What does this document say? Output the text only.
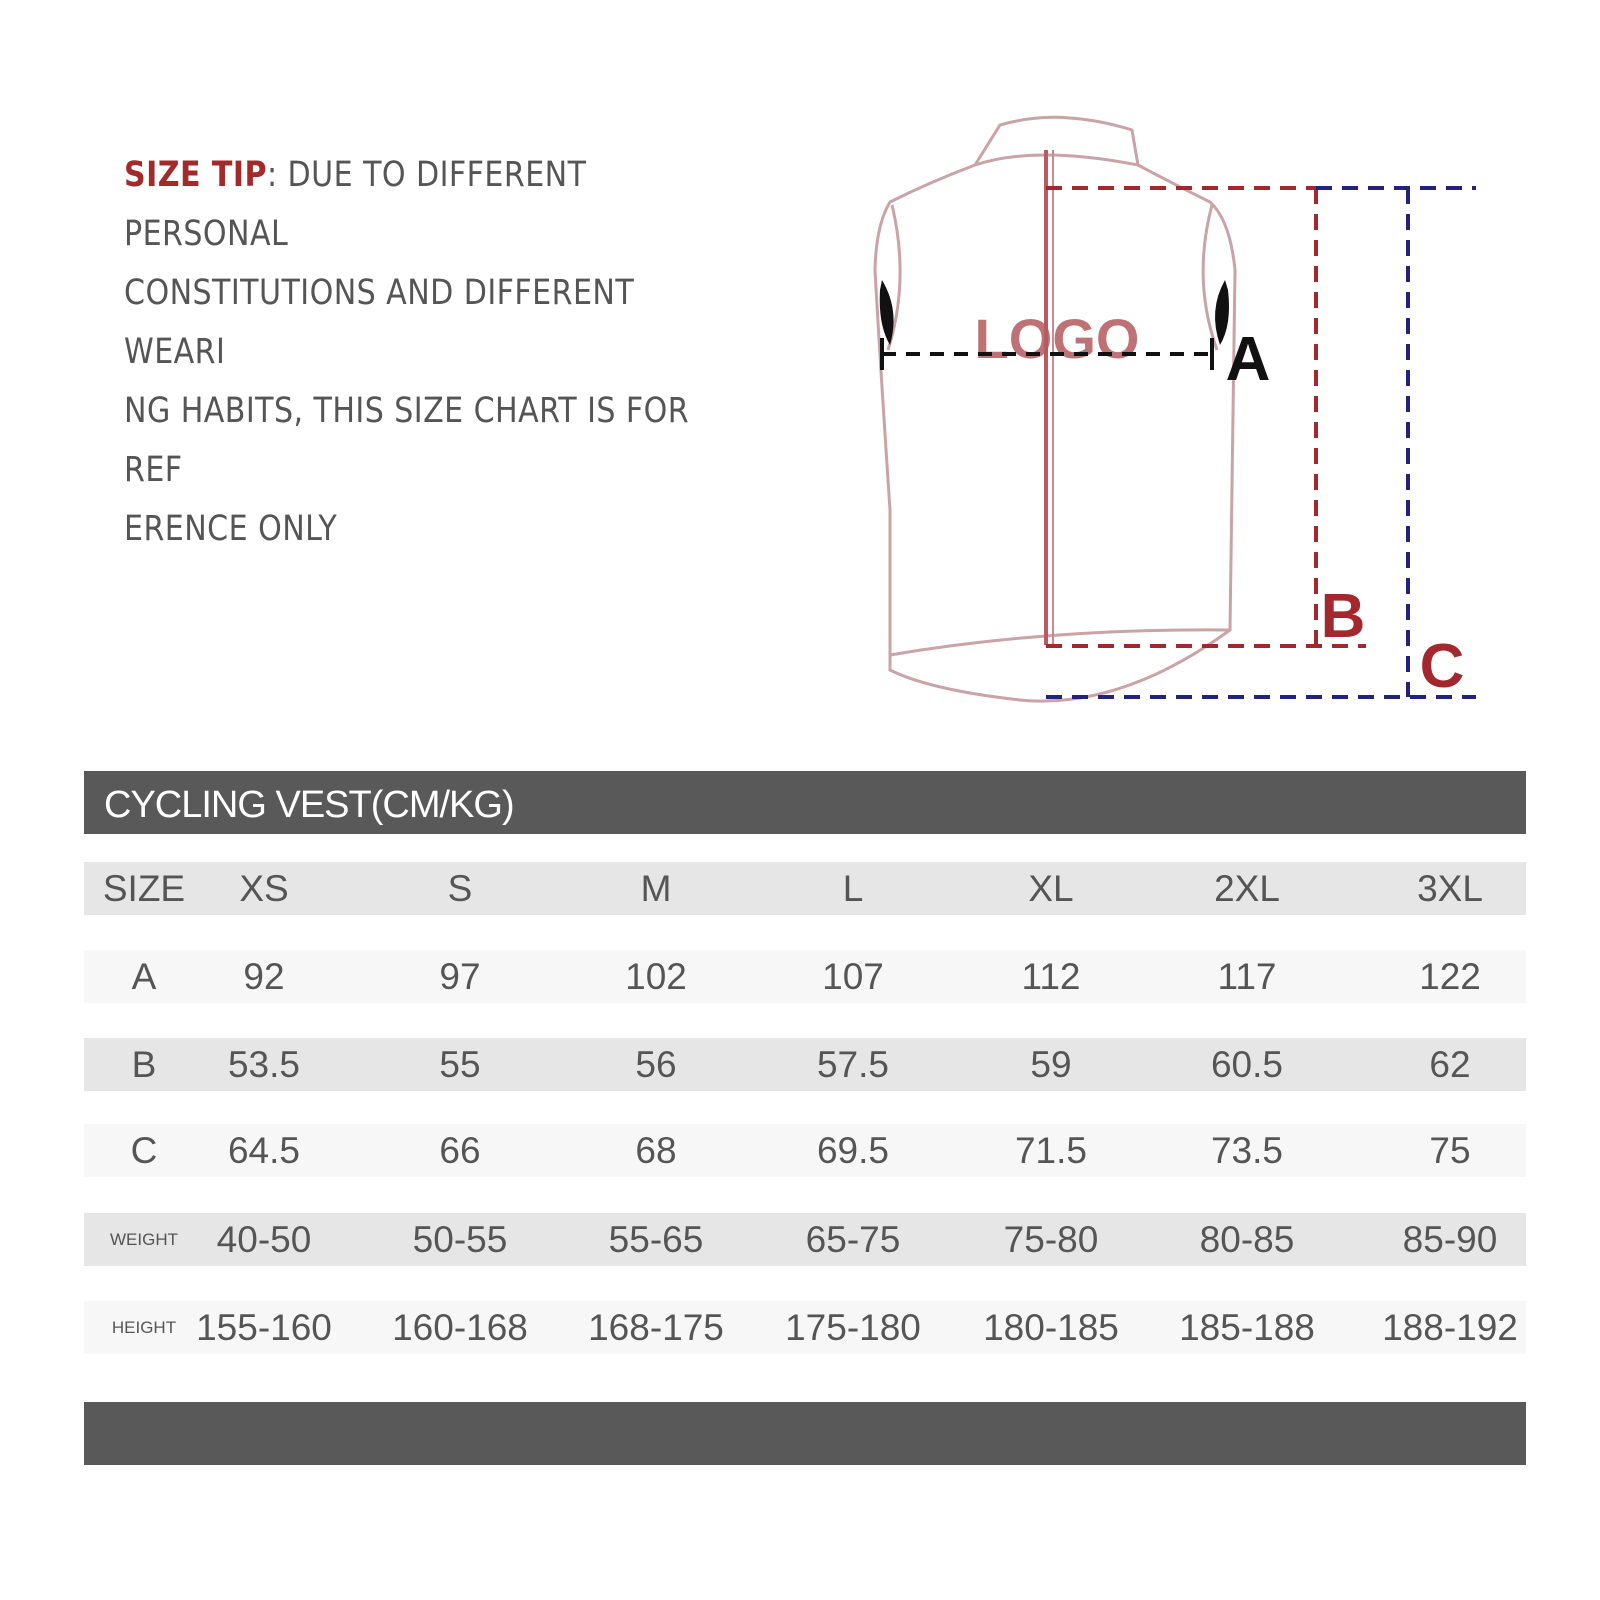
SIZE TIP: DUE TO DIFFERENT PERSONAL
CONSTITUTIONS AND DIFFERENT WEARI
NG HABITS, THIS SIZE CHART IS FOR REF
ERENCE ONLY
LOGO A
B
C
CYCLING VEST(CM/KG)
SIZE	XS	S	M	L	XL	2XL	3XL
A	92	97	102	107	112	117	122
B	53.5	55	56	57.5	59	60.5	62
C	64.5	66	68	69.5	71.5	73.5	75
WEIGHT	40-50	50-55	55-65	65-75	75-80	80-85	85-90
HEIGHT 155-160	160-168	168-175	175-180	180-185	185-188	188-192
